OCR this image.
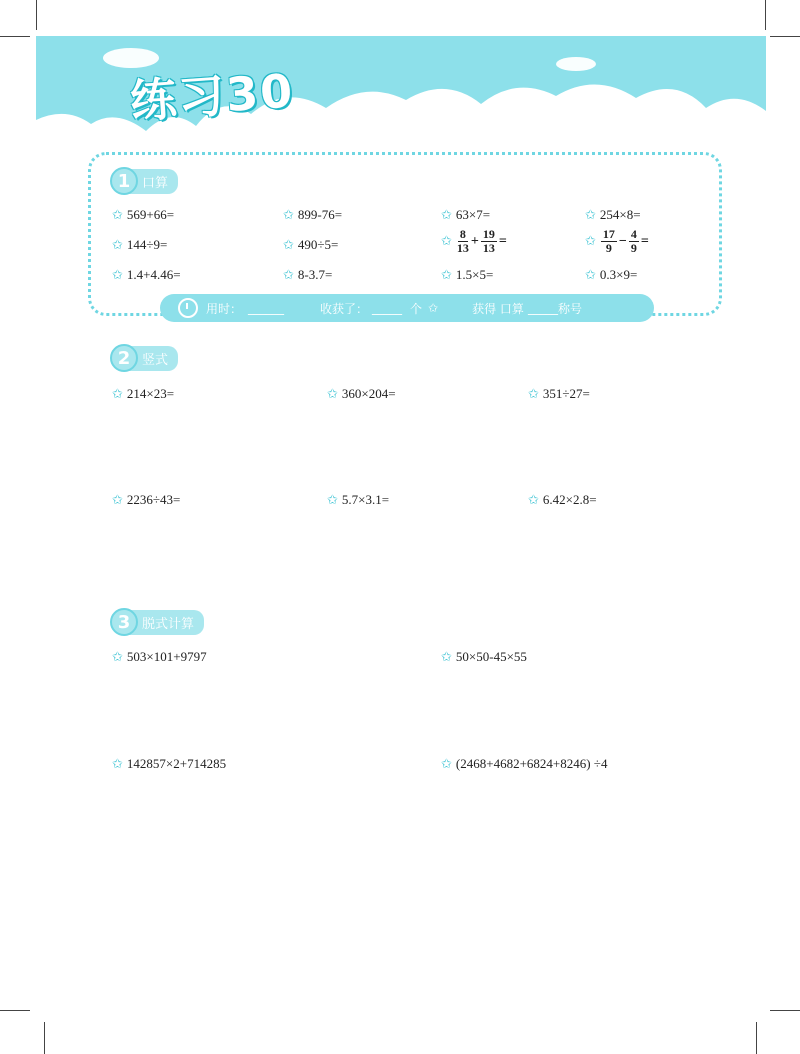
练习30
1 口算
✩ 569+66=	✩ 899-76=	✩ 63×7=	✩ 254×8=
✩ 144÷9=	✩ 490÷5=	✩ $\frac{8}{13} + \frac{19}{13}$ =	✩ $\frac{17}{9} - \frac{4}{9}$ =
✩ 1.4+4.46=	✩ 8-3.7=	✩ 1.5×5=	✩ 0.3×9=
用时： ______	收获了： _____ 个 ✩	获得 口算 _____ 称号
2 竖式
✩ 214×23=	✩ 360×204=	✩ 351÷27=
✩ 2236÷43=	✩ 5.7×3.1=	✩ 6.42×2.8=
3 脱式计算
✩ 503×101+9797	✩ 50×50-45×55
✩ 142857×2+714285	✩ (2468+4682+6824+8246) ÷4
